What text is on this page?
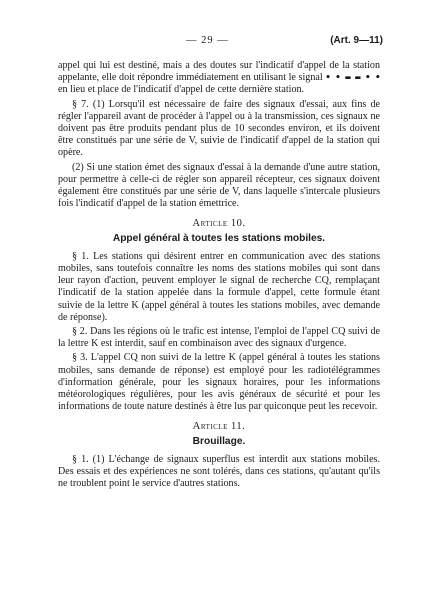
— 29 —	(Art. 9—11)

appel qui lui est destiné, mais a des doutes sur l'indicatif d'appel de la station appelante, elle doit répondre immédiatement en utilisant le signal • • ▬ ▬ • • en lieu et place de l'indicatif d'appel de cette dernière station.

§ 7. (1) Lorsqu'il est nécessaire de faire des signaux d'essai, aux fins de régler l'appareil avant de procéder à l'appel ou à la transmission, ces signaux ne doivent pas être produits pendant plus de 10 secondes environ, et ils doivent être constitués par une série de V, suivie de l'indicatif d'appel de la station qui opère.

(2) Si une station émet des signaux d'essai à la demande d'une autre station, pour permettre à celle-ci de régler son appareil récepteur, ces signaux doivent également être constitués par une série de V, dans laquelle s'intercale plusieurs fois l'indicatif d'appel de la station émettrice.

Article 10.
Appel général à toutes les stations mobiles.

§ 1. Les stations qui désirent entrer en communication avec des stations mobiles, sans toutefois connaître les noms des stations mobiles qui sont dans leur rayon d'action, peuvent employer le signal de recherche CQ, remplaçant l'indicatif de la station appelée dans la formule d'appel, cette formule étant suivie de la lettre K (appel général à toutes les stations mobiles, avec demande de réponse).

§ 2. Dans les régions où le trafic est intense, l'emploi de l'appel CQ suivi de la lettre K est interdit, sauf en combinaison avec des signaux d'urgence.

§ 3. L'appel CQ non suivi de la lettre K (appel général à toutes les stations mobiles, sans demande de réponse) est employé pour les radiotélégrammes d'information générale, pour les signaux horaires, pour les informations météorologiques régulières, pour les avis généraux de sécurité et pour les informations de toute nature destinés à être lus par quiconque peut les recevoir.

Article 11.
Brouillage.

§ 1. (1) L'échange de signaux superflus est interdit aux stations mobiles. Des essais et des expériences ne sont tolérés, dans ces stations, qu'autant qu'ils ne troublent point le service d'autres stations.
